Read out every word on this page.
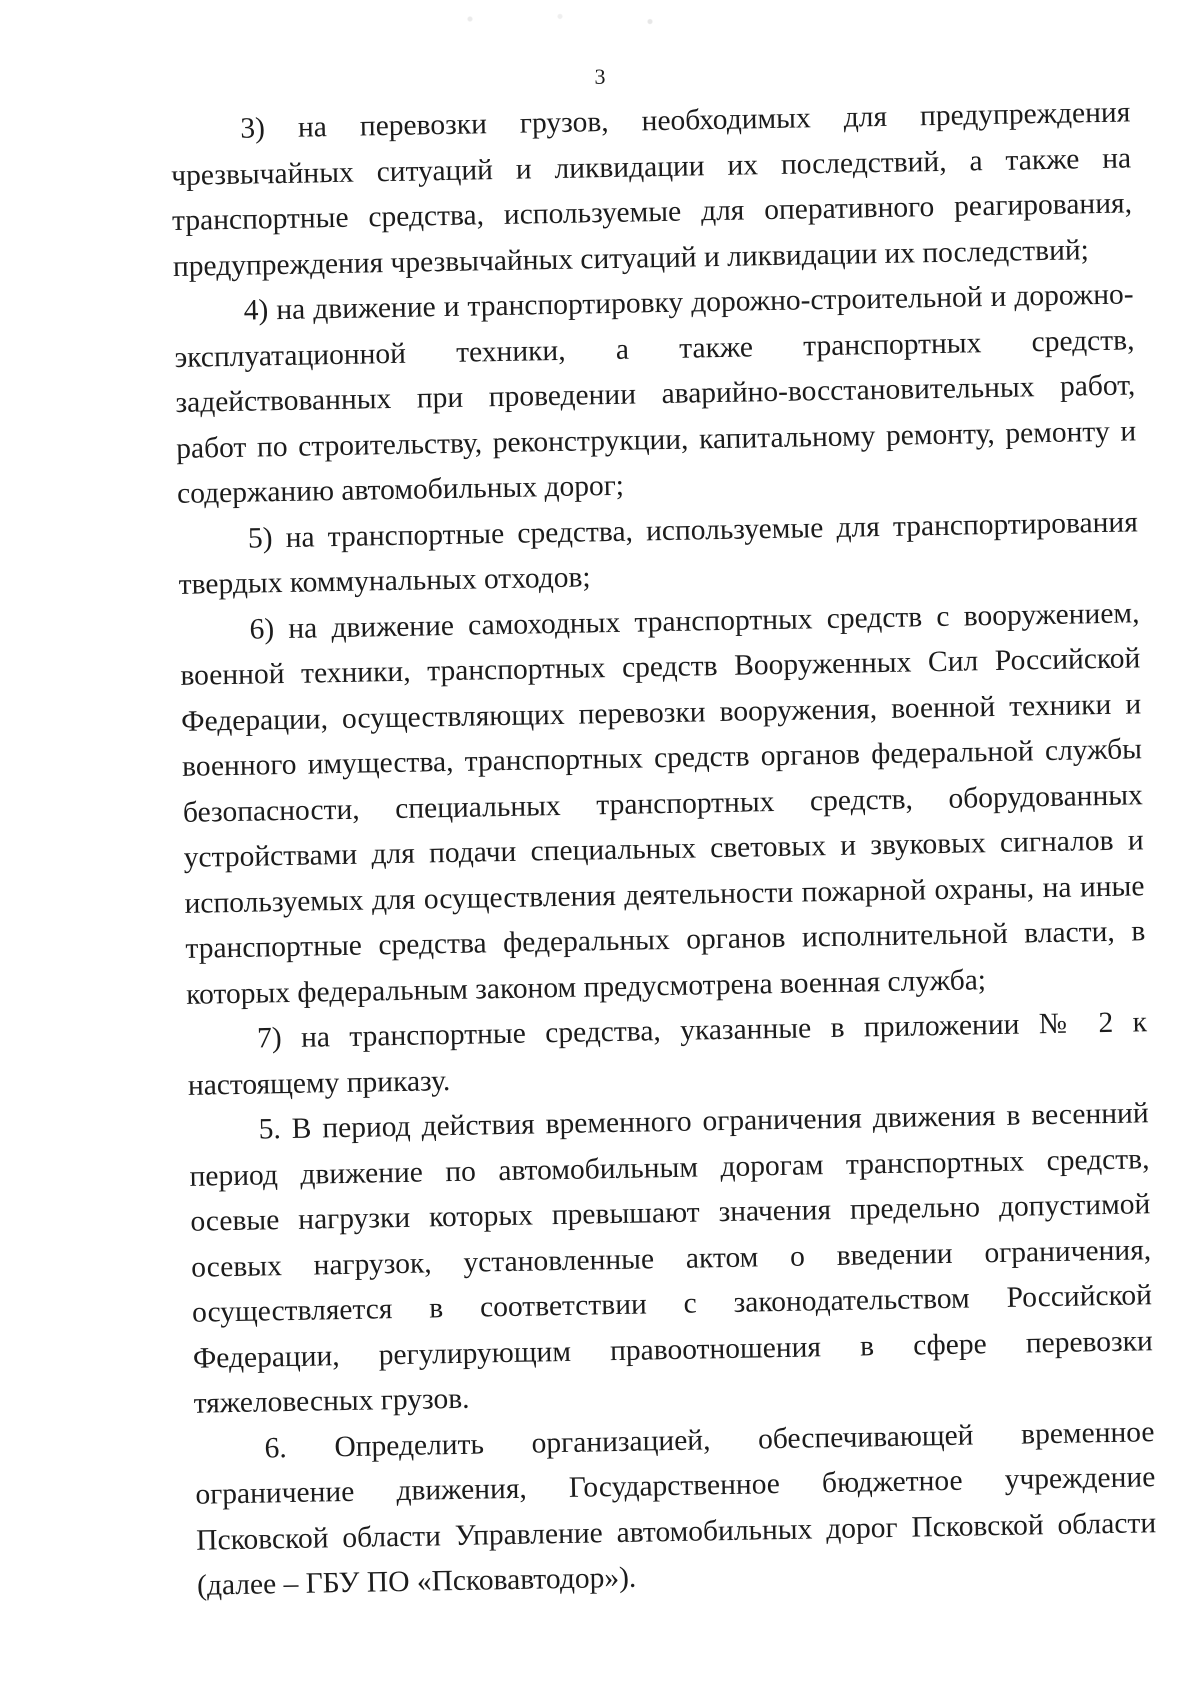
3

3) на перевозки грузов, необходимых для предупреждения чрезвычайных ситуаций и ликвидации их последствий, а также на транспортные средства, используемые для оперативного реагирования, предупреждения чрезвычайных ситуаций и ликвидации их последствий;

4) на движение и транспортировку дорожно-строительной и дорожно-эксплуатационной техники, а также транспортных средств, задействованных при проведении аварийно-восстановительных работ, работ по строительству, реконструкции, капитальному ремонту, ремонту и содержанию автомобильных дорог;

5) на транспортные средства, используемые для транспортирования твердых коммунальных отходов;

6) на движение самоходных транспортных средств с вооружением, военной техники, транспортных средств Вооруженных Сил Российской Федерации, осуществляющих перевозки вооружения, военной техники и военного имущества, транспортных средств органов федеральной службы безопасности, специальных транспортных средств, оборудованных устройствами для подачи специальных световых и звуковых сигналов и используемых для осуществления деятельности пожарной охраны, на иные транспортные средства федеральных органов исполнительной власти, в которых федеральным законом предусмотрена военная служба;

7) на транспортные средства, указанные в приложении № 2 к настоящему приказу.

5. В период действия временного ограничения движения в весенний период движение по автомобильным дорогам транспортных средств, осевые нагрузки которых превышают значения предельно допустимой осевых нагрузок, установленные актом о введении ограничения, осуществляется в соответствии с законодательством Российской Федерации, регулирующим правоотношения в сфере перевозки тяжеловесных грузов.

6. Определить организацией, обеспечивающей временное ограничение движения, Государственное бюджетное учреждение Псковской области Управление автомобильных дорог Псковской области (далее – ГБУ ПО «Псковавтодор»).
